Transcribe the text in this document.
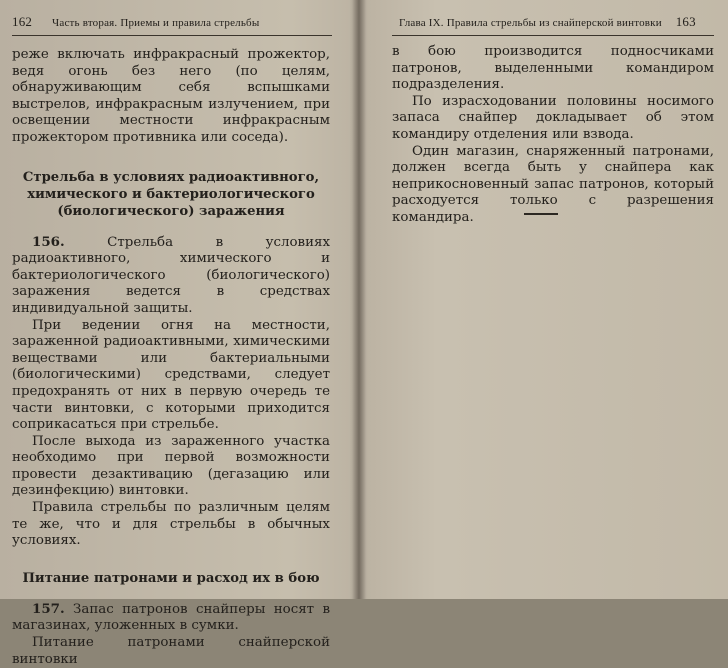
162 Часть вторая. Приемы и правила стрельбы

реже включать инфракрасный прожектор, ведя огонь без него (по целям, обнаруживающим себя вспышками выстрелов, инфракрасным излучением, при освещении местности инфракрасным прожектором противника или соседа).

Стрельба в условиях радиоактивного,
химического и бактериологического
(биологического) заражения

156.	Стрельба в условиях радиоактивного, химического и бактериологического (биологического) заражения ведется в средствах индивидуальной защиты.

При ведении огня на местности, зараженной радиоактивными, химическими веществами или бактериальными (биологическими) средствами, следует предохранять от них в первую очередь те части винтовки, с которыми приходится соприкасаться при стрельбе.

После выхода из зараженного участка необходимо при первой возможности провести дезактивацию (дегазацию или дезинфекцию) винтовки.

Правила стрельбы по различным целям те же, что и для стрельбы в обычных условиях.

Питание патронами и расход их в бою

157. Запас патронов снайперы носят в магазинах, уложенных в сумки.

Питание патронами снайперской винтовки

Глава IX. Правила стрельбы из снайперской винтовки 163

в бою производится подносчиками патронов, выделенными командиром подразделения.

По израсходовании половины носимого запаса снайпер докладывает об этом командиру отделения или взвода.

Один магазин, снаряженный патронами, должен всегда быть у снайпера как неприкосновенный запас патронов, который расходуется только с разрешения командира.
